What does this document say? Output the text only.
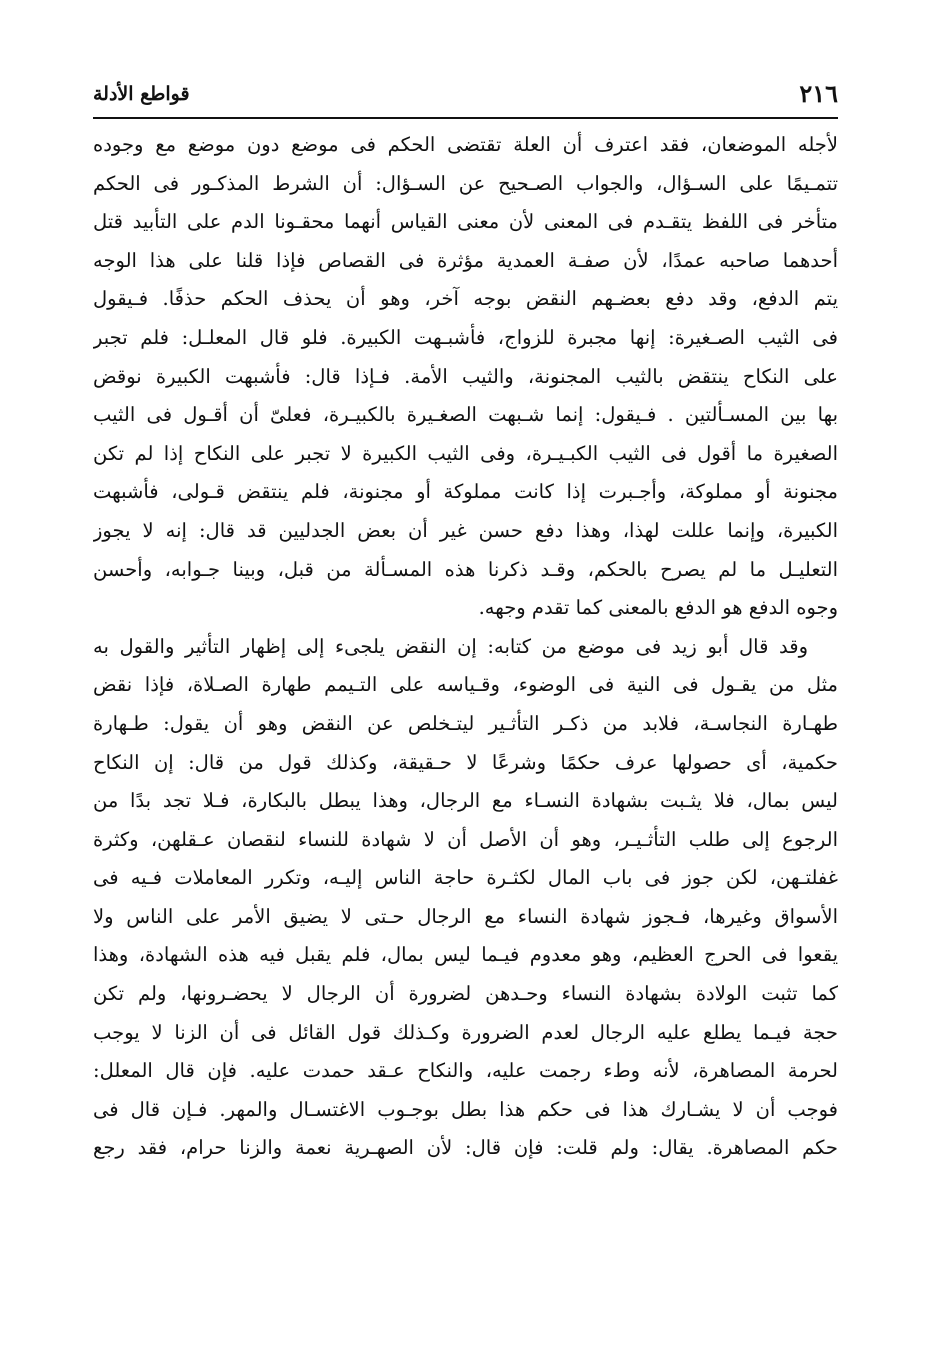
٢١٦
قواطع الأدلة
لأجله الموضعان، فقد اعترف أن العلة تقتضى الحكم فى موضع دون موضع مع وجوده
تتمـيمًا على السـؤال، والجواب الصـحيح عن السـؤال: أن الشرط المذكـور فى الحكم
متأخر فى اللفظ يتقـدم فى المعنى لأن معنى القياس أنهما محقـونا الدم على التأبيد قتل
أحدهما صاحبه عمدًا، لأن صفـة العمدية مؤثرة فى القصاص فإذا قلنا على هذا الوجه
يتم الدفع، وقد دفع بعضـهم النقض بوجه آخر، وهو أن يحذف الحكم حذفًا. فـيقول
فى الثيب الصـغيرة: إنها مجبرة للزواج، فأشبـهت الكبيرة. فلو قال المعلـل: فلم تجبر
على النكاح ينتقض بالثيب المجنونة، والثيب الأمة. فـإذا قال: فأشبهت الكبيرة نوقض
بها بين المسـألتين . فـيقول: إنما شـبهت الصغـيرة بالكبيـرة، فعلىّ أن أقـول فى الثيب
الصغيرة ما أقول فى الثيب الكبـيـرة، وفى الثيب الكبيرة لا تجبر على النكاح إذا لم تكن
مجنونة أو مملوكة، وأجـبرت إذا كانت مملوكة أو مجنونة، فلم ينتقض قـولى، فأشبهت
الكبيرة، وإنما عللت لهذا، وهذا دفع حسن غير أن بعض الجدليين قد قال: إنه لا يجوز
التعليـل ما لم يصرح بالحكم، وقـد ذكرنا هذه المسـألة من قبل، وبينا جـوابه، وأحسن
وجوه الدفع هو الدفع بالمعنى كما تقدم وجهه.
وقد قال أبو زيد فى موضع من كتابه: إن النقض يلجىء إلى إظهار التأثير والقول به
مثل من يقـول فى النية فى الوضوء، وقـياسه على التـيمم طهارة الصـلاة، فإذا نقض
طهـارة النجاسـة، فلابد من ذكـر التأثـير ليتـخلص عن النقض وهو أن يقول: طـهارة
حكمية، أى حصولها عرف حكمًا وشرعًا لا حـقيقة، وكذلك قول من قال: إن النكاح
ليس بمال، فلا يثـبت بشهادة النسـاء مع الرجال، وهذا يبطل بالبكارة، فـلا تجد بدًا من
الرجوع إلى طلب التأثـيـر، وهو أن الأصل أن لا شهادة للنساء لنقصان عـقلهن، وكثرة
غفلتـهن، لكن جوز فى باب المال لكثـرة حاجة الناس إليـه، وتكرر المعاملات فـيه فى
الأسواق وغيرها، فـجوز شهادة النساء مع الرجال حـتى لا يضيق الأمر على الناس ولا
يقعوا فى الحرج العظيم، وهو معدوم فيـما ليس بمال، فلم يقبل فيه هذه الشهادة، وهذا
كما تثبت الولادة بشهادة النساء وحـدهن لضرورة أن الرجال لا يحضـرونها، ولم تكن
حجة فيـما يطلع عليه الرجال لعدم الضرورة وكـذلك قول القائل فى أن الزنا لا يوجب
لحرمة المصاهرة، لأنه وطء رجمت عليه، والنكاح عـقد حمدت عليه. فإن قال المعلل:
فوجب أن لا يشـارك هذا فى حكم هذا بطل بوجـوب الاغتسـال والمهر. فـإن قال فى
حكم المصاهرة. يقال: ولم قلت: فإن قال: لأن الصهـرية نعمة والزنا حرام، فقد رجع
